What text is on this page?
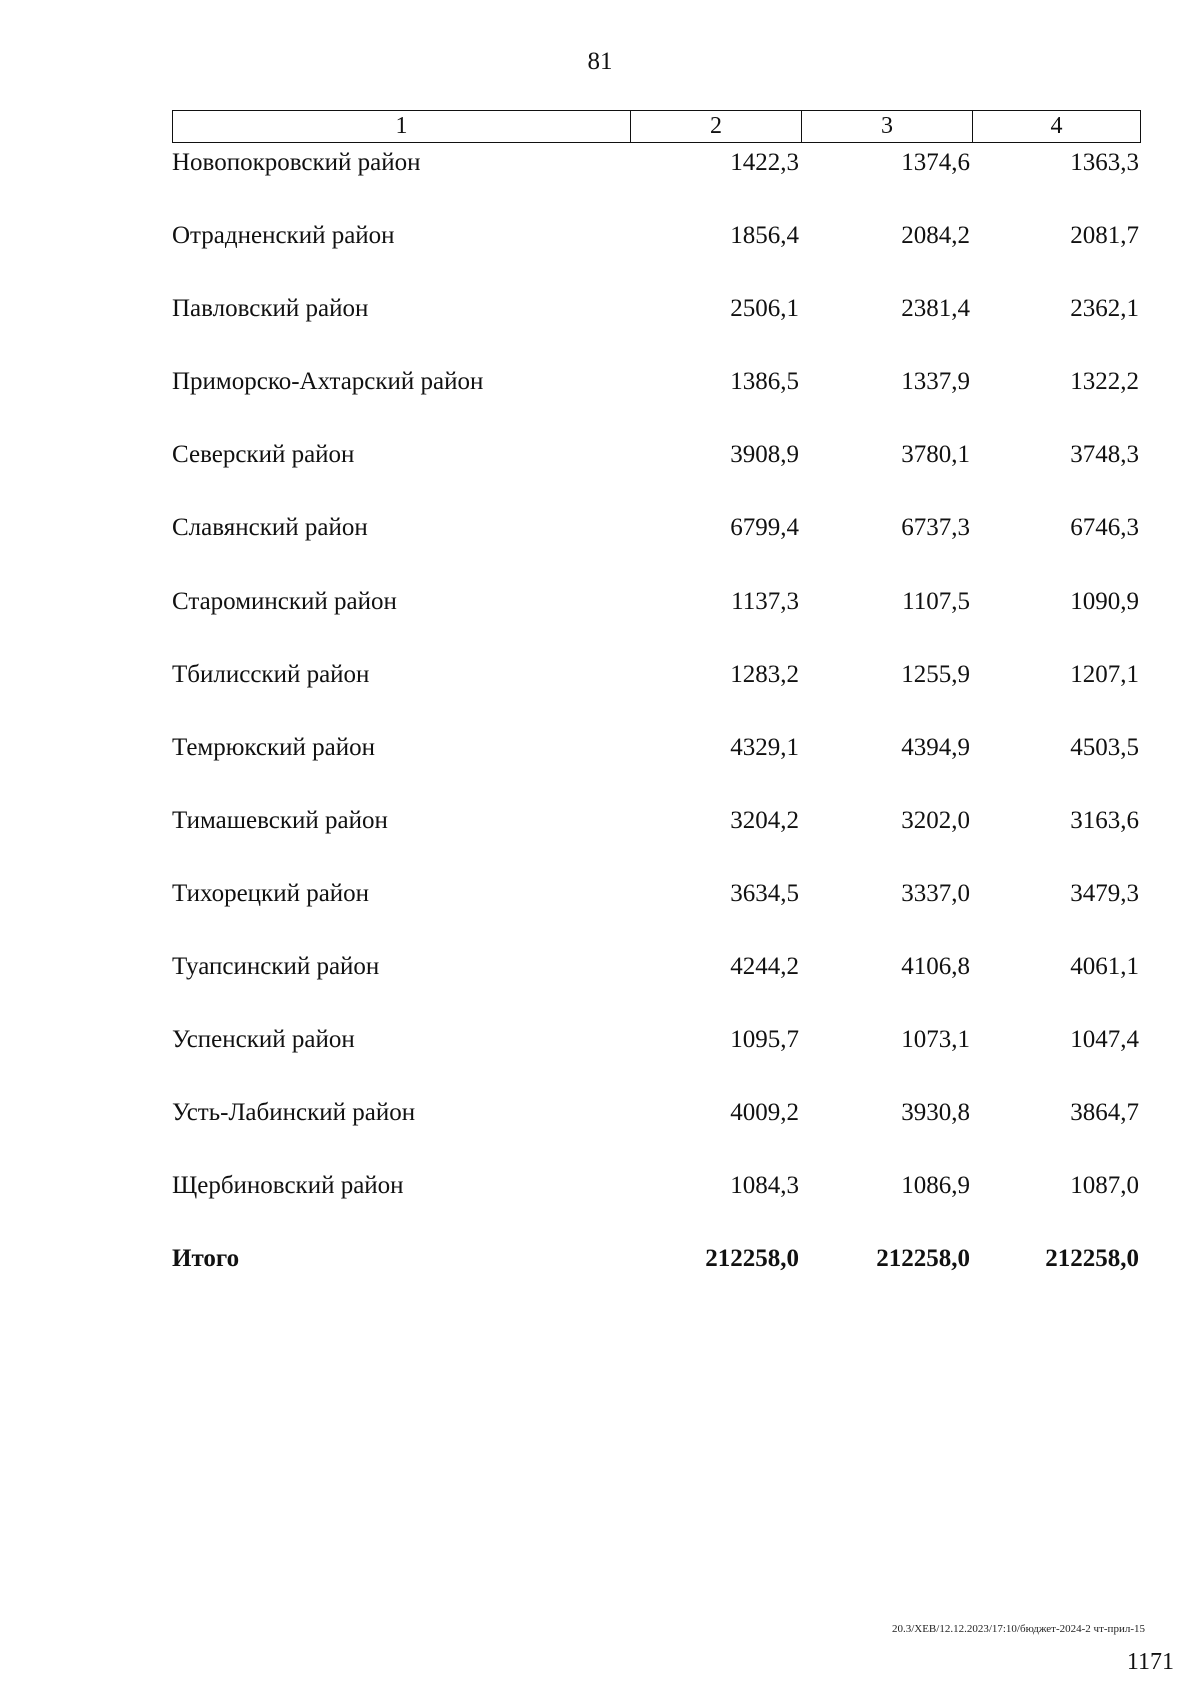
81
1	2	3	4
Новопокровский район	1422,3	1374,6	1363,3
Отрадненский район	1856,4	2084,2	2081,7
Павловский район	2506,1	2381,4	2362,1
Приморско-Ахтарский район	1386,5	1337,9	1322,2
Северский район	3908,9	3780,1	3748,3
Славянский район	6799,4	6737,3	6746,3
Староминский район	1137,3	1107,5	1090,9
Тбилисский район	1283,2	1255,9	1207,1
Темрюкский район	4329,1	4394,9	4503,5
Тимашевский район	3204,2	3202,0	3163,6
Тихорецкий район	3634,5	3337,0	3479,3
Туапсинский район	4244,2	4106,8	4061,1
Успенский район	1095,7	1073,1	1047,4
Усть-Лабинский район	4009,2	3930,8	3864,7
Щербиновский район	1084,3	1086,9	1087,0
Итого	212258,0	212258,0	212258,0
20.3/ХЕВ/12.12.2023/17:10/бюджет-2024-2 чт-прил-15
1171
